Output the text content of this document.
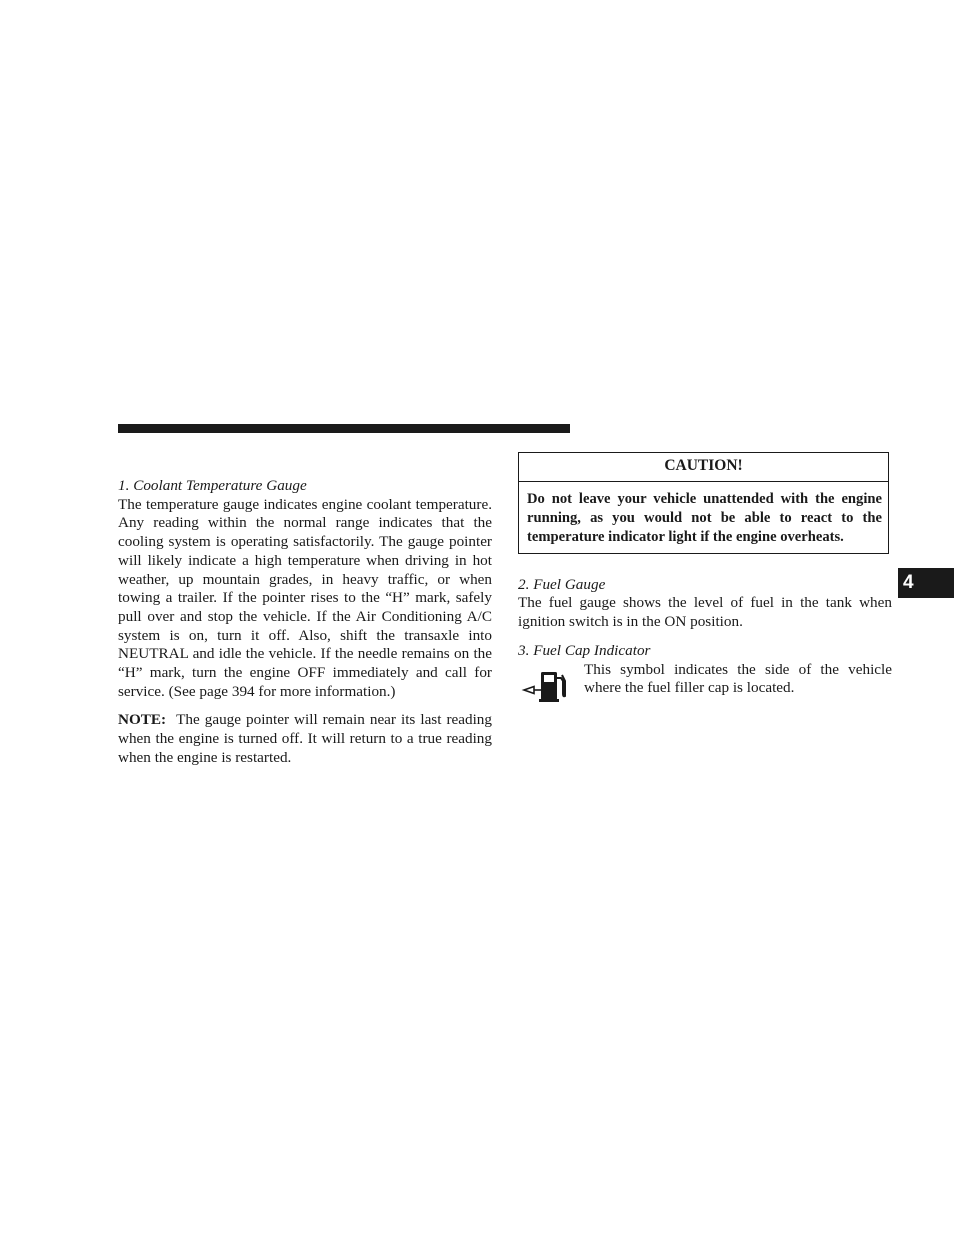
1. Coolant Temperature Gauge

The temperature gauge indicates engine coolant temperature. Any reading within the normal range indicates that the cooling system is operating satisfactorily. The gauge pointer will likely indicate a high temperature when driving in hot weather, up mountain grades, in heavy traffic, or when towing a trailer. If the pointer rises to the “H” mark, safely pull over and stop the vehicle. If the Air Conditioning A/C system is on, turn it off. Also, shift the transaxle into NEUTRAL and idle the vehicle. If the needle remains on the “H” mark, turn the engine OFF immediately and call for service. (See page 394 for more information.)

NOTE: The gauge pointer will remain near its last reading when the engine is turned off. It will return to a true reading when the engine is restarted.

CAUTION!
Do not leave your vehicle unattended with the engine running, as you would not be able to react to the temperature indicator light if the engine overheats.

2. Fuel Gauge

The fuel gauge shows the level of fuel in the tank when ignition switch is in the ON position.

3. Fuel Cap Indicator

This symbol indicates the side of the vehicle where the fuel filler cap is located.

4
